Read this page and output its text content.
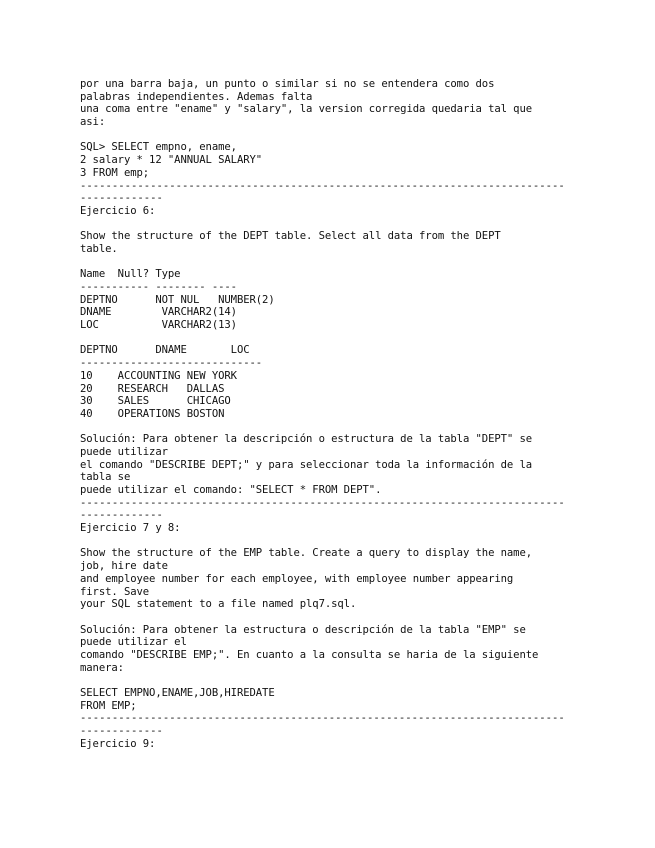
por una barra baja, un punto o similar si no se entendera como dos
palabras independientes. Ademas falta
una coma entre "ename" y "salary", la version corregida quedaria tal que
asi:
SQL> SELECT empno, ename,
2 salary * 12 "ANNUAL SALARY"
3 FROM emp;
----------------------------------------------------------------------------
-------------
Ejercicio 6:
Show the structure of the DEPT table. Select all data from the DEPT
table.
Name  Null? Type
----------- -------- ----
DEPTNO      NOT NUL   NUMBER(2)
DNAME        VARCHAR2(14)
LOC          VARCHAR2(13)
DEPTNO      DNAME       LOC
-----------------------------
10    ACCOUNTING NEW YORK
20    RESEARCH   DALLAS
30    SALES      CHICAGO
40    OPERATIONS BOSTON
Solución: Para obtener la descripción o estructura de la tabla "DEPT" se
puede utilizar
el comando "DESCRIBE DEPT;" y para seleccionar toda la información de la
tabla se
puede utilizar el comando: "SELECT * FROM DEPT".
----------------------------------------------------------------------------
-------------
Ejercicio 7 y 8:
Show the structure of the EMP table. Create a query to display the name,
job, hire date
and employee number for each employee, with employee number appearing
first. Save
your SQL statement to a file named plq7.sql.
Solución: Para obtener la estructura o descripción de la tabla "EMP" se
puede utilizar el
comando "DESCRIBE EMP;". En cuanto a la consulta se haria de la siguiente
manera:
SELECT EMPNO,ENAME,JOB,HIREDATE
FROM EMP;
----------------------------------------------------------------------------
-------------
Ejercicio 9:
